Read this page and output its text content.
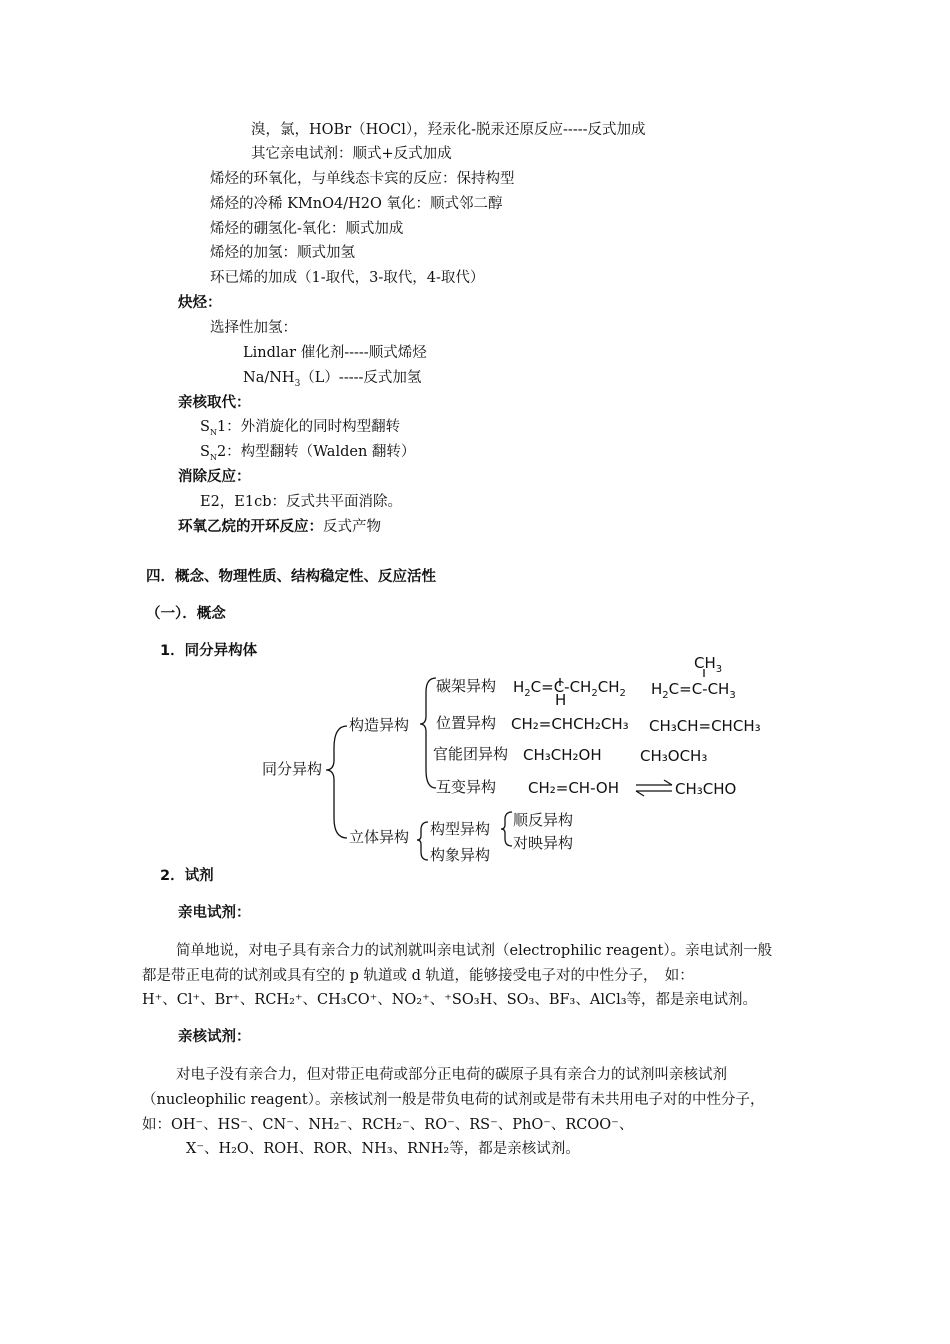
溴，氯，HOBr（HOCl），羟汞化-脱汞还原反应-----反式加成
其它亲电试剂：顺式+反式加成
烯烃的环氧化，与单线态卡宾的反应：保持构型
烯烃的冷稀 KMnO4/H2O 氧化：顺式邻二醇
烯烃的硼氢化-氧化：顺式加成
烯烃的加氢：顺式加氢
环已烯的加成（1-取代，3-取代，4-取代）
炔烃：
选择性加氢：
Lindlar 催化剂-----顺式烯烃
$Na/NH_3(L)-----$反式加氢
亲核取代：
$S_N1$：外消旋化的同时构型翻转
$S_N2$：构型翻转（Walden 翻转）
消除反应：
E2，E1cb：反式共平面消除。
环氧乙烷的开环反应：反式产物
四．概念、物理性质、结构稳定性、反应活性
（一）．概念
1．同分异构体
同分异构
构造异构
立体异构
碳架异构
位置异构
官能团异构
互变异构
构型异构
构象异构
顺反异构
对映异构
$H_2C=C-CH_2CH_2$
H
$H_2C=C-CH_3$
$CH_3$
CH₂=CHCH₂CH₃ CH₃CH=CHCH₃
CH₃CH₂OH	CH₃OCH₃
CH₂=CH-OH	CH₃CHO
2．试剂
亲电试剂：
简单地说，对电子具有亲合力的试剂就叫亲电试剂（electrophilic reagent）。亲电试剂一般都是带正电荷的试剂或具有空的 p 轨道或 d 轨道，能够接受电子对的中性分子，　如：
H⁺、Cl⁺、Br⁺、RCH₂⁺、CH₃CO⁺、NO₂⁺、⁺SO₃H、SO₃、BF₃、AlCl₃等，都是亲电试剂。
亲核试剂：
对电子没有亲合力，但对带正电荷或部分正电荷的碳原子具有亲合力的试剂叫亲核试剂（nucleophilic reagent）。亲核试剂一般是带负电荷的试剂或是带有未共用电子对的中性分子，如：OH⁻、HS⁻、CN⁻、NH₂⁻、RCH₂⁻、RO⁻、RS⁻、PhO⁻、RCOO⁻、
X⁻、H₂O、ROH、ROR、NH₃、RNH₂等，都是亲核试剂。
